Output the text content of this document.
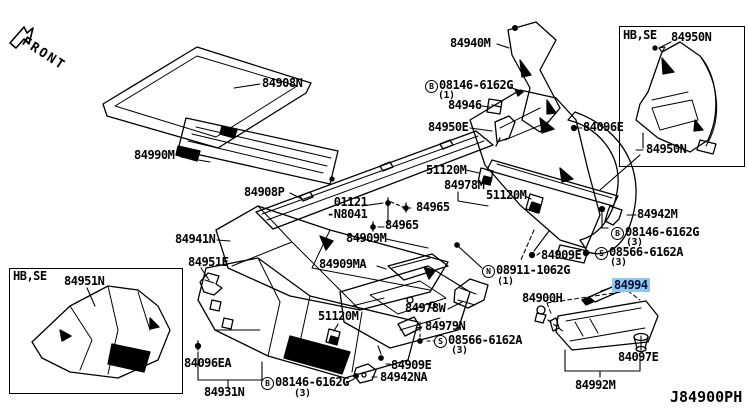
FRONT
84908N
84990M
84908P
01121
-N8041
84941N
84951E
HB,SE 84951N
84096EA
84931N
B 08146-6162G
(3)
84909MA
51120M
84978W
84979N
S 08566-6162A
(3)
84909E
84942NA
84909M
84965
84965
N 08911-1062G
(1)
84900H
84994
84097E
84992M
J84900PH
84940M
B 08146-6162G
(1)
84946
84950E
51120M
84978M
51120M
84096E
84950N
HB,SE 84950N
84942M
B 08146-6162G
(3)
S 08566-6162A
(3)
84909E
